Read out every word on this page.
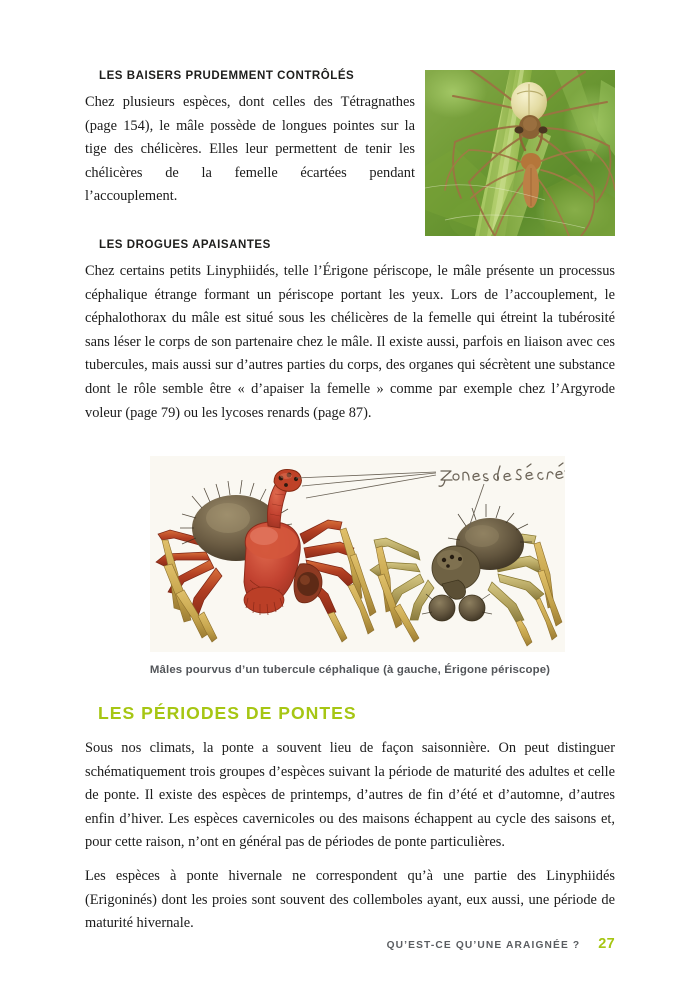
LES BAISERS PRUDEMMENT CONTRÔLÉS

Chez plusieurs espèces, dont celles des Tétragnathes (page 154), le mâle possède de longues pointes sur la tige des chélicères. Elles leur permettent de tenir les chélicères de la femelle écartées pendant l’accouplement.

LES DROGUES APAISANTES

Chez certains petits Linyphiidés, telle l’Érigone périscope, le mâle présente un processus céphalique étrange formant un périscope portant les yeux. Lors de l’accouplement, le céphalothorax du mâle est situé sous les chélicères de la femelle qui étreint la tubérosité sans léser le corps de son partenaire chez le mâle. Il existe aussi, parfois en liaison avec ces tubercules, mais aussi sur d’autres parties du corps, des organes qui sécrètent une substance dont le rôle semble être « d’apaiser la femelle » comme par exemple chez l’Argyrode voleur (page 79) ou les lycoses renards (page 87).

Mâles pourvus d’un tubercule céphalique (à gauche, Érigone périscope)
LES PÉRIODES DE PONTES

Sous nos climats, la ponte a souvent lieu de façon saisonnière. On peut distinguer schématiquement trois groupes d’espèces suivant la période de maturité des adultes et celle de ponte. Il existe des espèces de printemps, d’autres de fin d’été et d’automne, d’autres enfin d’hiver. Les espèces cavernicoles ou des maisons échappent au cycle des saisons et, pour cette raison, n’ont en général pas de périodes de ponte particulières.

Les espèces à ponte hivernale ne correspondent qu’à une partie des Linyphiidés (Erigoninés) dont les proies sont souvent des collemboles ayant, eux aussi, une période de maturité hivernale.

QU’EST-CE QU’UNE ARAIGNÉE ? 27
